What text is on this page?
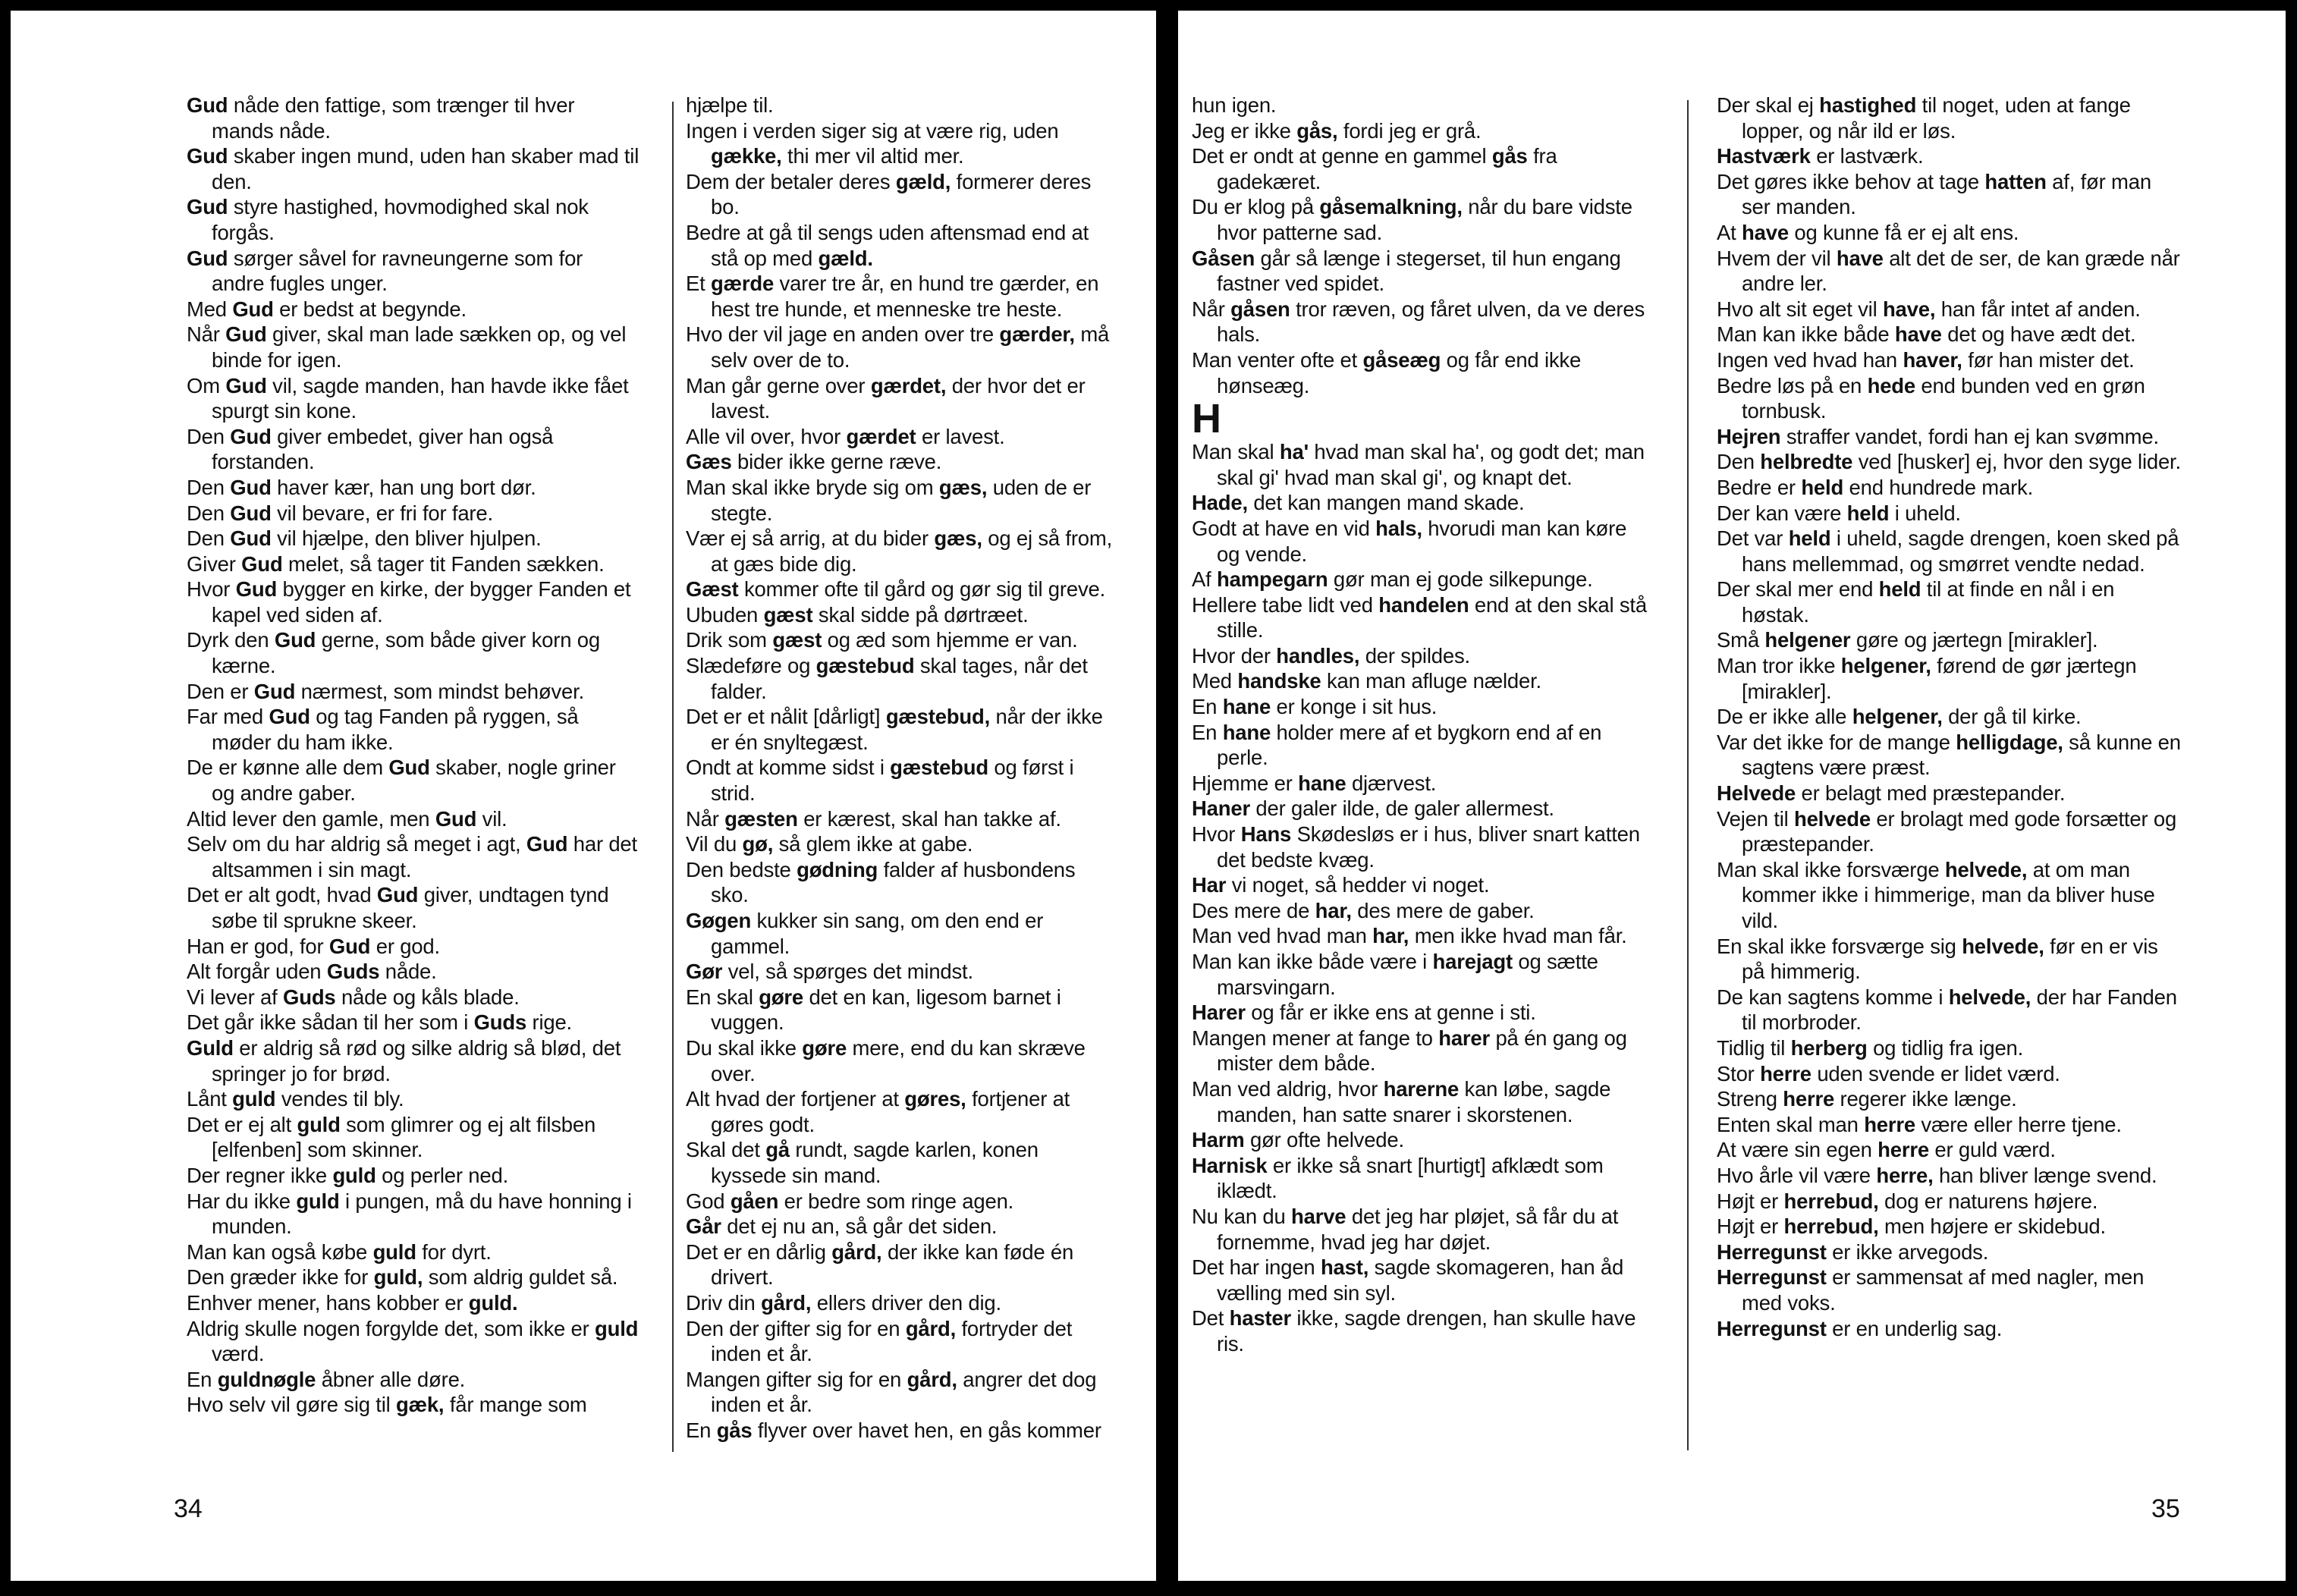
Gud nåde den fattige, som trænger til hver mands nåde.

Gud skaber ingen mund, uden han skaber mad til den.

Gud styre hastighed, hovmodighed skal nok forgås.

Gud sørger såvel for ravneungerne som for andre fugles unger.

Med Gud er bedst at begynde.

Når Gud giver, skal man lade sækken op, og vel binde for igen.

Om Gud vil, sagde manden, han havde ikke fået spurgt sin kone.

Den Gud giver embedet, giver han også forstanden.

Den Gud haver kær, han ung bort dør.

Den Gud vil bevare, er fri for fare.

Den Gud vil hjælpe, den bliver hjulpen.

Giver Gud melet, så tager tit Fanden sækken.

Hvor Gud bygger en kirke, der bygger Fanden et kapel ved siden af.

Dyrk den Gud gerne, som både giver korn og kærne.

Den er Gud nærmest, som mindst behøver.

Far med Gud og tag Fanden på ryggen, så møder du ham ikke.

De er kønne alle dem Gud skaber, nogle griner og andre gaber.

Altid lever den gamle, men Gud vil.

Selv om du har aldrig så meget i agt, Gud har det altsammen i sin magt.

Det er alt godt, hvad Gud giver, undtagen tynd søbe til sprukne skeer.

Han er god, for Gud er god.

Alt forgår uden Guds nåde.

Vi lever af Guds nåde og kåls blade.

Det går ikke sådan til her som i Guds rige.

Guld er aldrig så rød og silke aldrig så blød, det springer jo for brød.

Lånt guld vendes til bly.

Det er ej alt guld som glimrer og ej alt filsben [elfenben] som skinner.

Der regner ikke guld og perler ned.

Har du ikke guld i pungen, må du have honning i munden.

Man kan også købe guld for dyrt.

Den græder ikke for guld, som aldrig guldet så.

Enhver mener, hans kobber er guld.

Aldrig skulle nogen forgylde det, som ikke er guld værd.

En guldnøgle åbner alle døre.

Hvo selv vil gøre sig til gæk, får mange som

hjælpe til.

Ingen i verden siger sig at være rig, uden gække, thi mer vil altid mer.

Dem der betaler deres gæld, formerer deres bo.

Bedre at gå til sengs uden aftensmad end at stå op med gæld.

Et gærde varer tre år, en hund tre gærder, en hest tre hunde, et menneske tre heste.

Hvo der vil jage en anden over tre gærder, må selv over de to.

Man går gerne over gærdet, der hvor det er lavest.

Alle vil over, hvor gærdet er lavest.

Gæs bider ikke gerne ræve.

Man skal ikke bryde sig om gæs, uden de er stegte.

Vær ej så arrig, at du bider gæs, og ej så from, at gæs bide dig.

Gæst kommer ofte til gård og gør sig til greve.

Ubuden gæst skal sidde på dørtræet.

Drik som gæst og æd som hjemme er van.

Slædeføre og gæstebud skal tages, når det falder.

Det er et nålit [dårligt] gæstebud, når der ikke er én snyltegæst.

Ondt at komme sidst i gæstebud og først i strid.

Når gæsten er kærest, skal han takke af.

Vil du gø, så glem ikke at gabe.

Den bedste gødning falder af husbondens sko.

Gøgen kukker sin sang, om den end er gammel.

Gør vel, så spørges det mindst.

En skal gøre det en kan, ligesom barnet i vuggen.

Du skal ikke gøre mere, end du kan skræve over.

Alt hvad der fortjener at gøres, fortjener at gøres godt.

Skal det gå rundt, sagde karlen, konen kyssede sin mand.

God gåen er bedre som ringe agen.

Går det ej nu an, så går det siden.

Det er en dårlig gård, der ikke kan føde én drivert.

Driv din gård, ellers driver den dig.

Den der gifter sig for en gård, fortryder det inden et år.

Mangen gifter sig for en gård, angrer det dog inden et år.

En gås flyver over havet hen, en gås kommer

34

hun igen.

Jeg er ikke gås, fordi jeg er grå.

Det er ondt at genne en gammel gås fra gadekæret.

Du er klog på gåsemalkning, når du bare vidste hvor patterne sad.

Gåsen går så længe i stegerset, til hun engang fastner ved spidet.

Når gåsen tror ræven, og fåret ulven, da ve deres hals.

Man venter ofte et gåseæg og får end ikke hønseæg.

H

Man skal ha' hvad man skal ha', og godt det; man skal gi' hvad man skal gi', og knapt det.

Hade, det kan mangen mand skade.

Godt at have en vid hals, hvorudi man kan køre og vende.

Af hampegarn gør man ej gode silkepunge.

Hellere tabe lidt ved handelen end at den skal stå stille.

Hvor der handles, der spildes.

Med handske kan man afluge nælder.

En hane er konge i sit hus.

En hane holder mere af et bygkorn end af en perle.

Hjemme er hane djærvest.

Haner der galer ilde, de galer allermest.

Hvor Hans Skødesløs er i hus, bliver snart katten det bedste kvæg.

Har vi noget, så hedder vi noget.

Des mere de har, des mere de gaber.

Man ved hvad man har, men ikke hvad man får.

Man kan ikke både være i harejagt og sætte marsvingarn.

Harer og får er ikke ens at genne i sti.

Mangen mener at fange to harer på én gang og mister dem både.

Man ved aldrig, hvor harerne kan løbe, sagde manden, han satte snarer i skorstenen.

Harm gør ofte helvede.

Harnisk er ikke så snart [hurtigt] afklædt som iklædt.

Nu kan du harve det jeg har pløjet, så får du at fornemme, hvad jeg har døjet.

Det har ingen hast, sagde skomageren, han åd vælling med sin syl.

Det haster ikke, sagde drengen, han skulle have ris.

Der skal ej hastighed til noget, uden at fange lopper, og når ild er løs.

Hastværk er lastværk.

Det gøres ikke behov at tage hatten af, før man ser manden.

At have og kunne få er ej alt ens.

Hvem der vil have alt det de ser, de kan græde når andre ler.

Hvo alt sit eget vil have, han får intet af anden.

Man kan ikke både have det og have ædt det.

Ingen ved hvad han haver, før han mister det.

Bedre løs på en hede end bunden ved en grøn tornbusk.

Hejren straffer vandet, fordi han ej kan svømme.

Den helbredte ved [husker] ej, hvor den syge lider.

Bedre er held end hundrede mark.

Der kan være held i uheld.

Det var held i uheld, sagde drengen, koen sked på hans mellemmad, og smørret vendte nedad.

Der skal mer end held til at finde en nål i en høstak.

Små helgener gøre og jærtegn [mirakler].

Man tror ikke helgener, førend de gør jærtegn [mirakler].

De er ikke alle helgener, der gå til kirke.

Var det ikke for de mange helligdage, så kunne en sagtens være præst.

Helvede er belagt med præstepander.

Vejen til helvede er brolagt med gode forsætter og præstepander.

Man skal ikke forsværge helvede, at om man kommer ikke i himmerige, man da bliver huse vild.

En skal ikke forsværge sig helvede, før en er vis på himmerig.

De kan sagtens komme i helvede, der har Fanden til morbroder.

Tidlig til herberg og tidlig fra igen.

Stor herre uden svende er lidet værd.

Streng herre regerer ikke længe.

Enten skal man herre være eller herre tjene.

At være sin egen herre er guld værd.

Hvo årle vil være herre, han bliver længe svend.

Højt er herrebud, dog er naturens højere.

Højt er herrebud, men højere er skidebud.

Herregunst er ikke arvegods.

Herregunst er sammensat af med nagler, men med voks.

Herregunst er en underlig sag.

35
